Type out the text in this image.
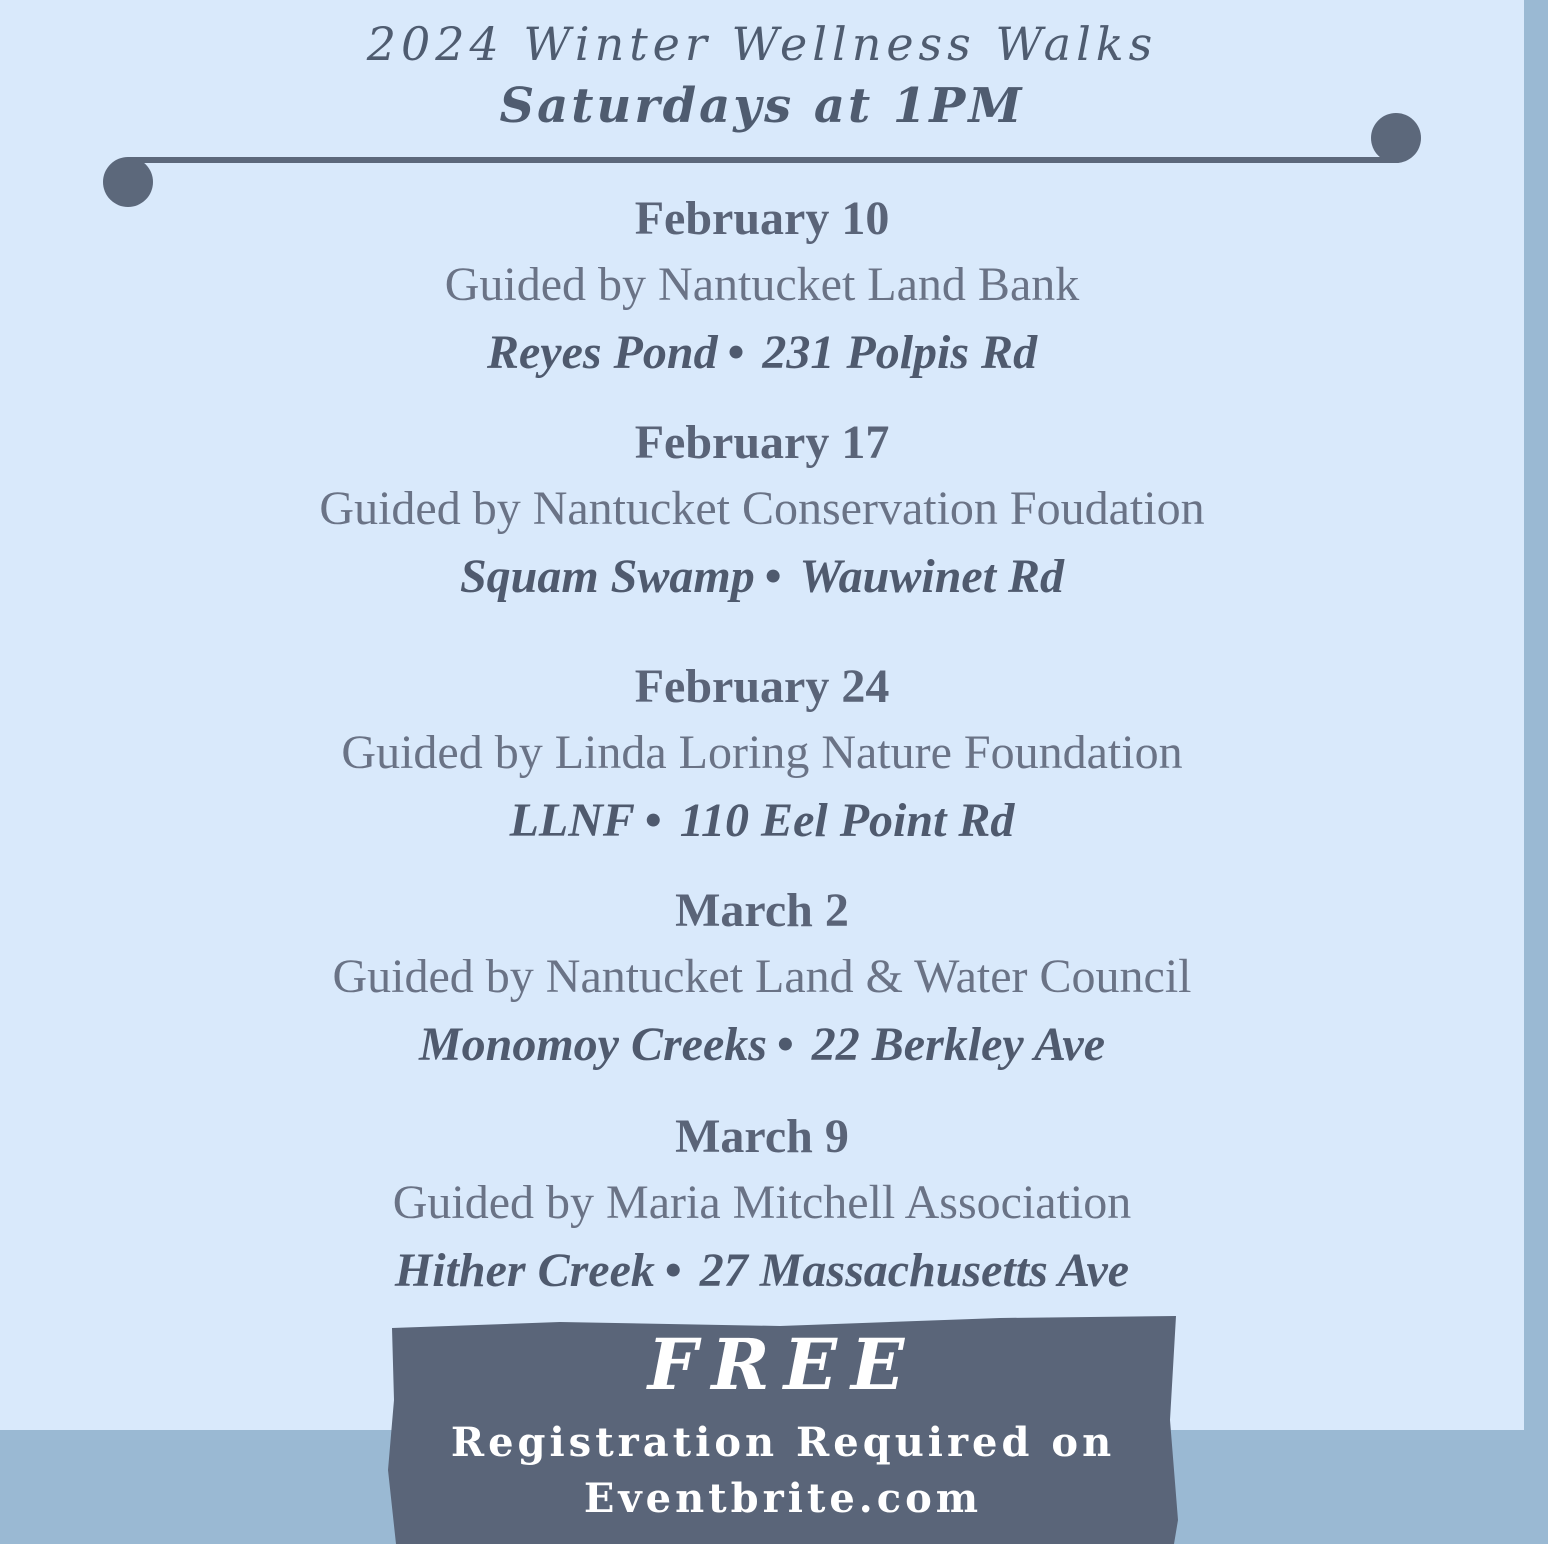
2024 Winter Wellness Walks
Saturdays at 1PM
February 10
Guided by Nantucket Land Bank
Reyes Pond • 231 Polpis Rd
February 17
Guided by Nantucket Conservation Foudation
Squam Swamp • Wauwinet Rd
February 24
Guided by Linda Loring Nature Foundation
LLNF • 110 Eel Point Rd
March 2
Guided by Nantucket Land & Water Council
Monomoy Creeks • 22 Berkley Ave
March 9
Guided by Maria Mitchell Association
Hither Creek • 27 Massachusetts Ave
FREE
Registration Required on
Eventbrite.com
